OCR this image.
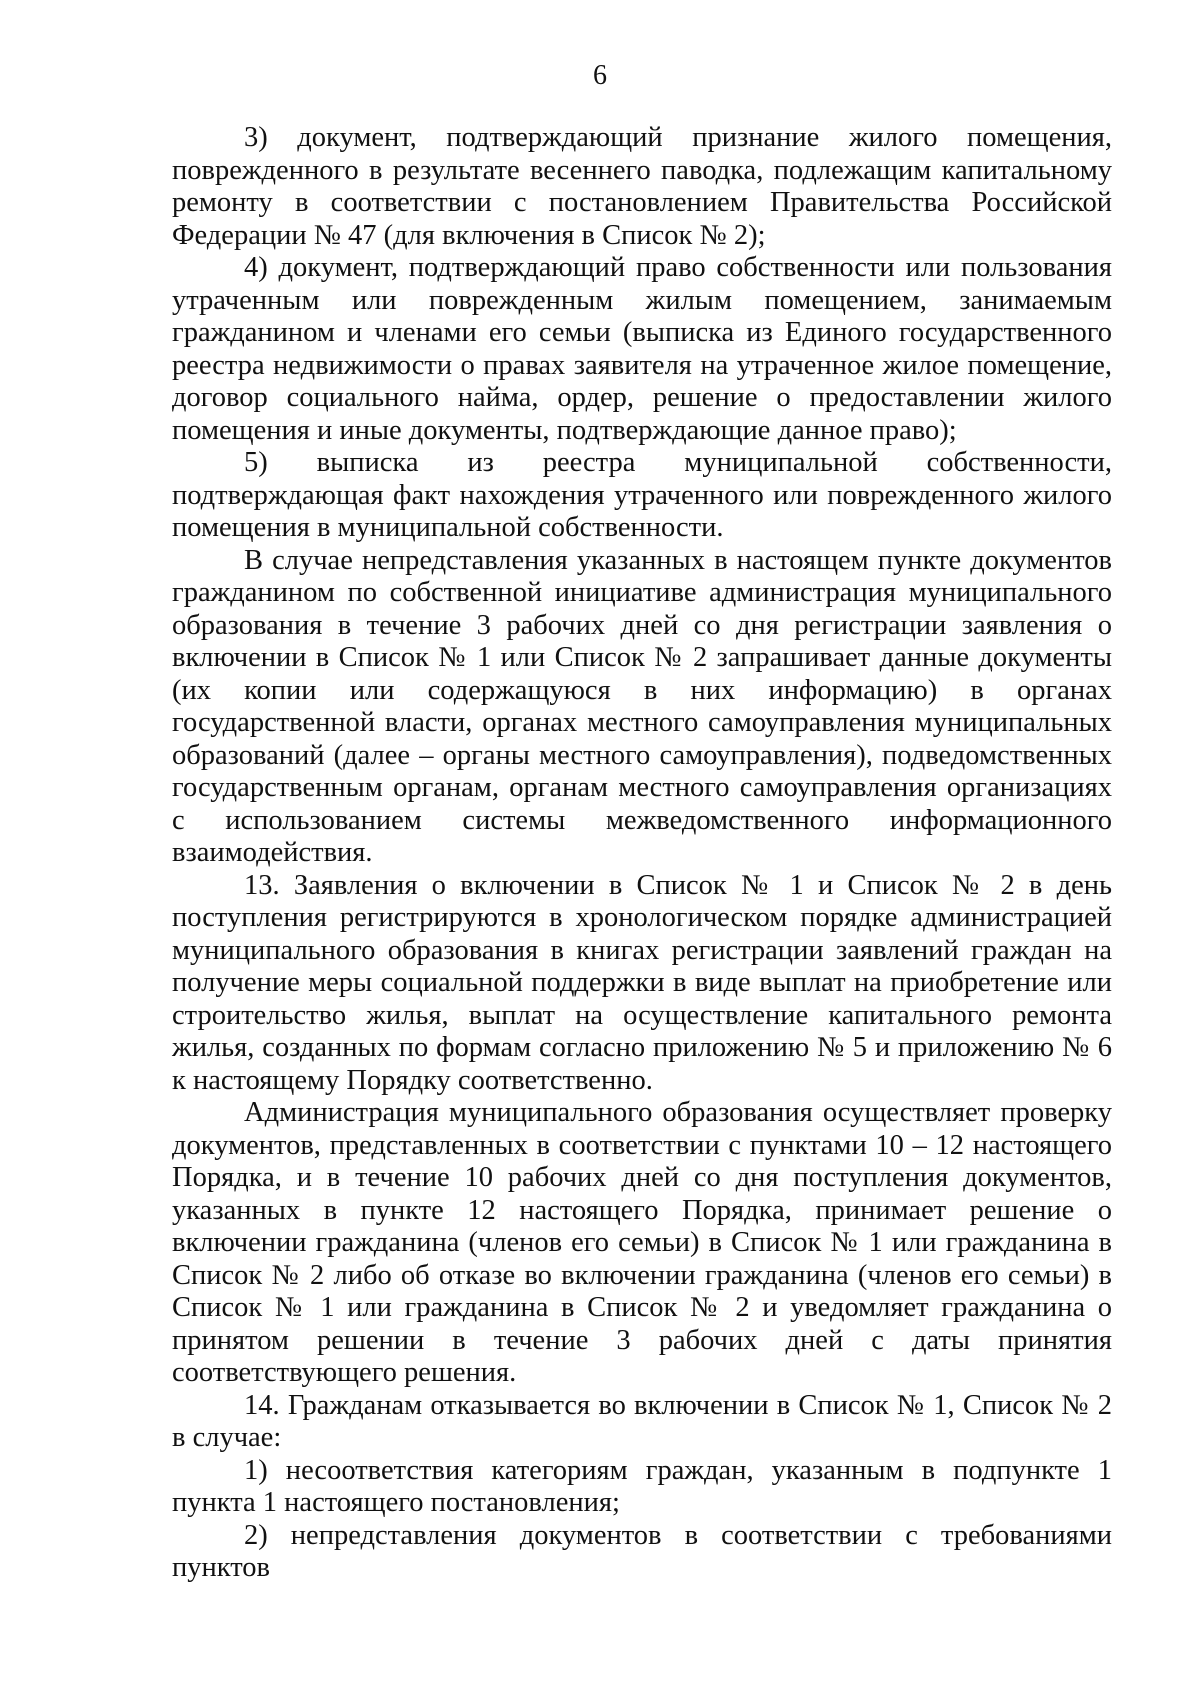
6

3) документ, подтверждающий признание жилого помещения, поврежденного в результате весеннего паводка, подлежащим капитальному ремонту в соответствии с постановлением Правительства Российской Федерации № 47 (для включения в Список № 2);

4) документ, подтверждающий право собственности или пользования утраченным или поврежденным жилым помещением, занимаемым гражданином и членами его семьи (выписка из Единого государственного реестра недвижимости о правах заявителя на утраченное жилое помещение, договор социального найма, ордер, решение о предоставлении жилого помещения и иные документы, подтверждающие данное право);

5) выписка из реестра муниципальной собственности, подтверждающая факт нахождения утраченного или поврежденного жилого помещения в муниципальной собственности.

В случае непредставления указанных в настоящем пункте документов гражданином по собственной инициативе администрация муниципального образования в течение 3 рабочих дней со дня регистрации заявления о включении в Список № 1 или Список № 2 запрашивает данные документы (их копии или содержащуюся в них информацию) в органах государственной власти, органах местного самоуправления муниципальных образований (далее – органы местного самоуправления), подведомственных государственным органам, органам местного самоуправления организациях с использованием системы межведомственного информационного взаимодействия.

13. Заявления о включении в Список № 1 и Список № 2 в день поступления регистрируются в хронологическом порядке администрацией муниципального образования в книгах регистрации заявлений граждан на получение меры социальной поддержки в виде выплат на приобретение или строительство жилья, выплат на осуществление капитального ремонта жилья, созданных по формам согласно приложению № 5 и приложению № 6 к настоящему Порядку соответственно.

Администрация муниципального образования осуществляет проверку документов, представленных в соответствии с пунктами 10 – 12 настоящего Порядка, и в течение 10 рабочих дней со дня поступления документов, указанных в пункте 12 настоящего Порядка, принимает решение о включении гражданина (членов его семьи) в Список № 1 или гражданина в Список № 2 либо об отказе во включении гражданина (членов его семьи) в Список № 1 или гражданина в Список № 2 и уведомляет гражданина о принятом решении в течение 3 рабочих дней с даты принятия соответствующего решения.

14. Гражданам отказывается во включении в Список № 1, Список № 2 в случае:

1) несоответствия категориям граждан, указанным в подпункте 1 пункта 1 настоящего постановления;

2) непредставления документов в соответствии с требованиями пунктов
